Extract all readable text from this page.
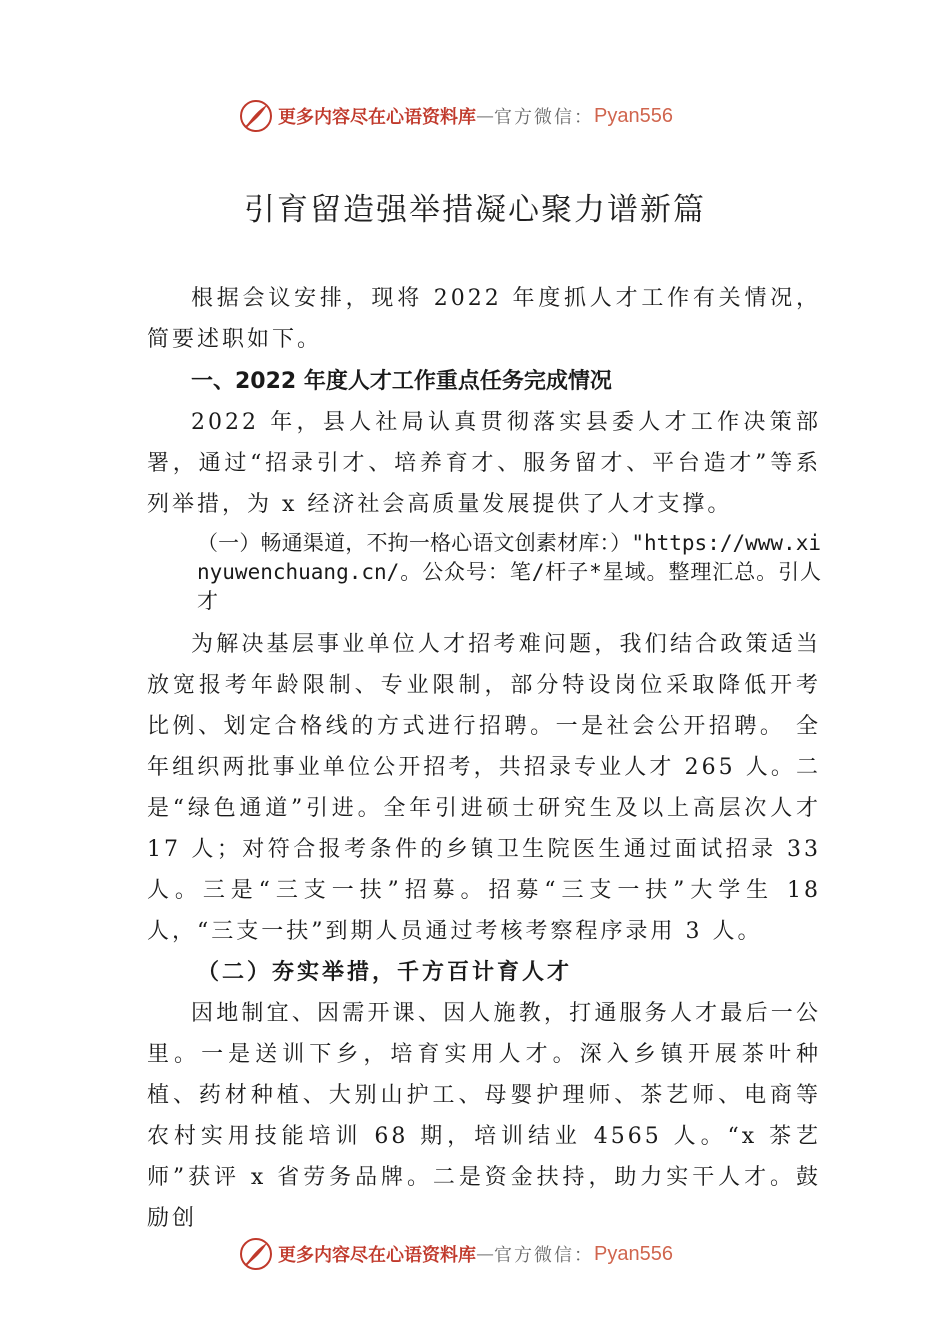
更多内容尽在心语资料库 — 官方微信： Pyan556
引育留造强举措凝心聚力谱新篇

根据会议安排，现将 2022 年度抓人才工作有关情况，简要述职如下。

一、2022 年度人才工作重点任务完成情况

2022 年，县人社局认真贯彻落实县委人才工作决策部署，通过“招录引才、培养育才、服务留才、平台造才”等系列举措，为 x 经济社会高质量发展提供了人才支撑。

（一）畅通渠道，不拘一格心语文创素材库：）"https://www.xinyuwenchuang.cn/。公众号：笔/杆子*星域。整理汇总。引人才

为解决基层事业单位人才招考难问题，我们结合政策适当放宽报考年龄限制、专业限制，部分特设岗位采取降低开考比例、划定合格线的方式进行招聘。一是社会公开招聘。 全年组织两批事业单位公开招考，共招录专业人才 265 人。二是“绿色通道”引进。全年引进硕士研究生及以上高层次人才 17 人；对符合报考条件的乡镇卫生院医生通过面试招录 33 人。三是“三支一扶”招募。招募“三支一扶”大学生 18 人，“三支一扶”到期人员通过考核考察程序录用 3 人。

（二）夯实举措，千方百计育人才

因地制宜、因需开课、因人施教，打通服务人才最后一公里。一是送训下乡，培育实用人才。深入乡镇开展茶叶种植、药材种植、大别山护工、母婴护理师、茶艺师、电商等农村实用技能培训 68 期，培训结业 4565 人。“x 茶艺师”获评 x 省劳务品牌。二是资金扶持，助力实干人才。鼓励创

更多内容尽在心语资料库 — 官方微信： Pyan556
